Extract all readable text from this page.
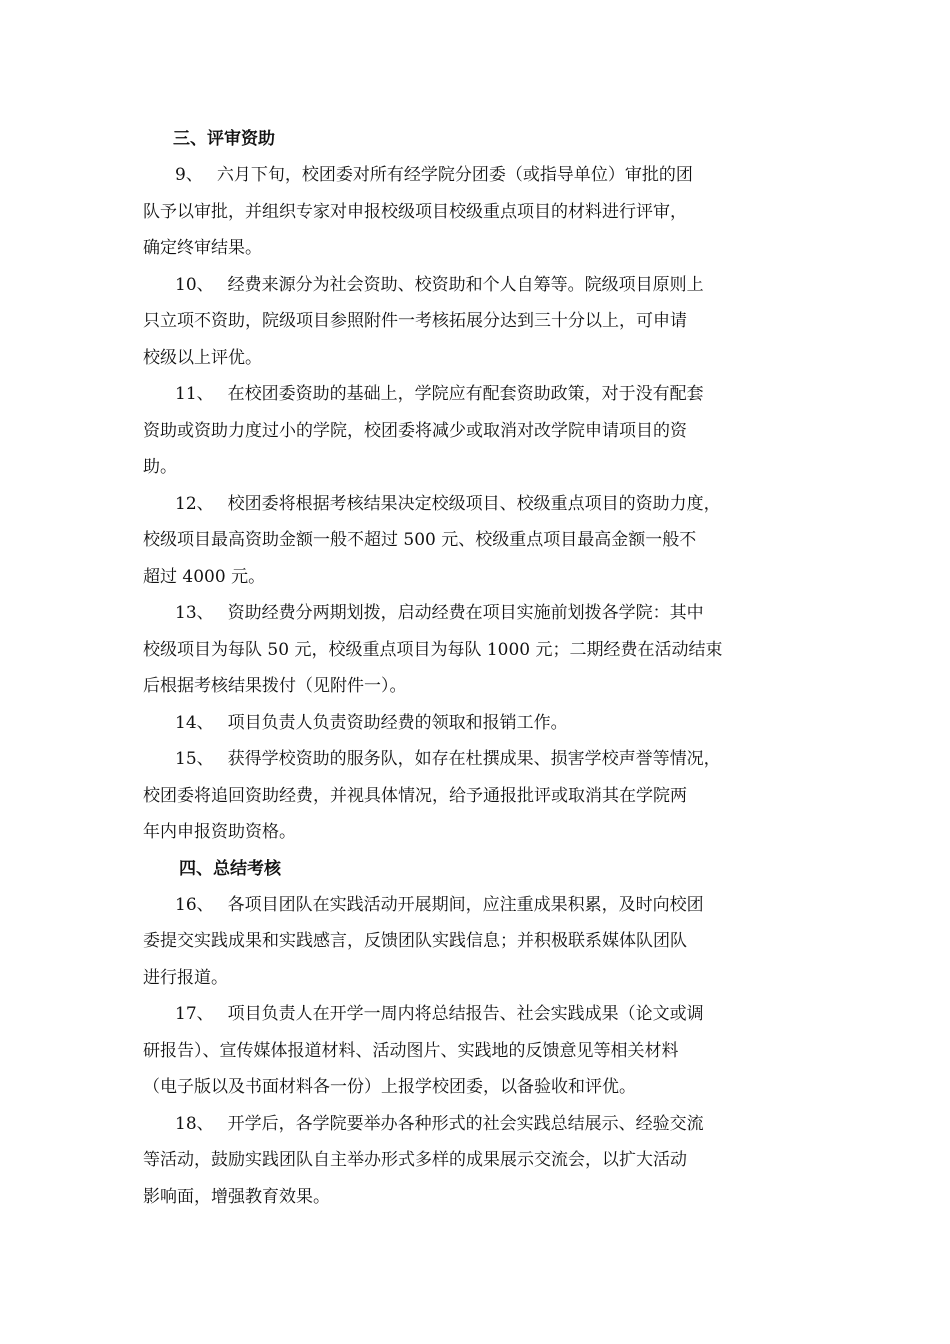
三、评审资助

9、 六月下旬，校团委对所有经学院分团委（或指导单位）审批的团
队予以审批，并组织专家对申报校级项目校级重点项目的材料进行评审，
确定终审结果。

10、 经费来源分为社会资助、校资助和个人自筹等。院级项目原则上
只立项不资助，院级项目参照附件一考核拓展分达到三十分以上，可申请
校级以上评优。

11、 在校团委资助的基础上，学院应有配套资助政策，对于没有配套
资助或资助力度过小的学院，校团委将减少或取消对改学院申请项目的资
助。

12、 校团委将根据考核结果决定校级项目、校级重点项目的资助力度，
校级项目最高资助金额一般不超过 500 元、校级重点项目最高金额一般不
超过 4000 元。

13、 资助经费分两期划拨，启动经费在项目实施前划拨各学院：其中
校级项目为每队 50 元，校级重点项目为每队 1000 元；二期经费在活动结束
后根据考核结果拨付（见附件一）。

14、 项目负责人负责资助经费的领取和报销工作。

15、 获得学校资助的服务队，如存在杜撰成果、损害学校声誉等情况，
校团委将追回资助经费，并视具体情况，给予通报批评或取消其在学院两
年内申报资助资格。

四、总结考核

16、 各项目团队在实践活动开展期间，应注重成果积累，及时向校团
委提交实践成果和实践感言，反馈团队实践信息；并积极联系媒体队团队
进行报道。

17、 项目负责人在开学一周内将总结报告、社会实践成果（论文或调
研报告）、宣传媒体报道材料、活动图片、实践地的反馈意见等相关材料
（电子版以及书面材料各一份）上报学校团委，以备验收和评优。

18、 开学后，各学院要举办各种形式的社会实践总结展示、经验交流
等活动，鼓励实践团队自主举办形式多样的成果展示交流会，以扩大活动
影响面，增强教育效果。
